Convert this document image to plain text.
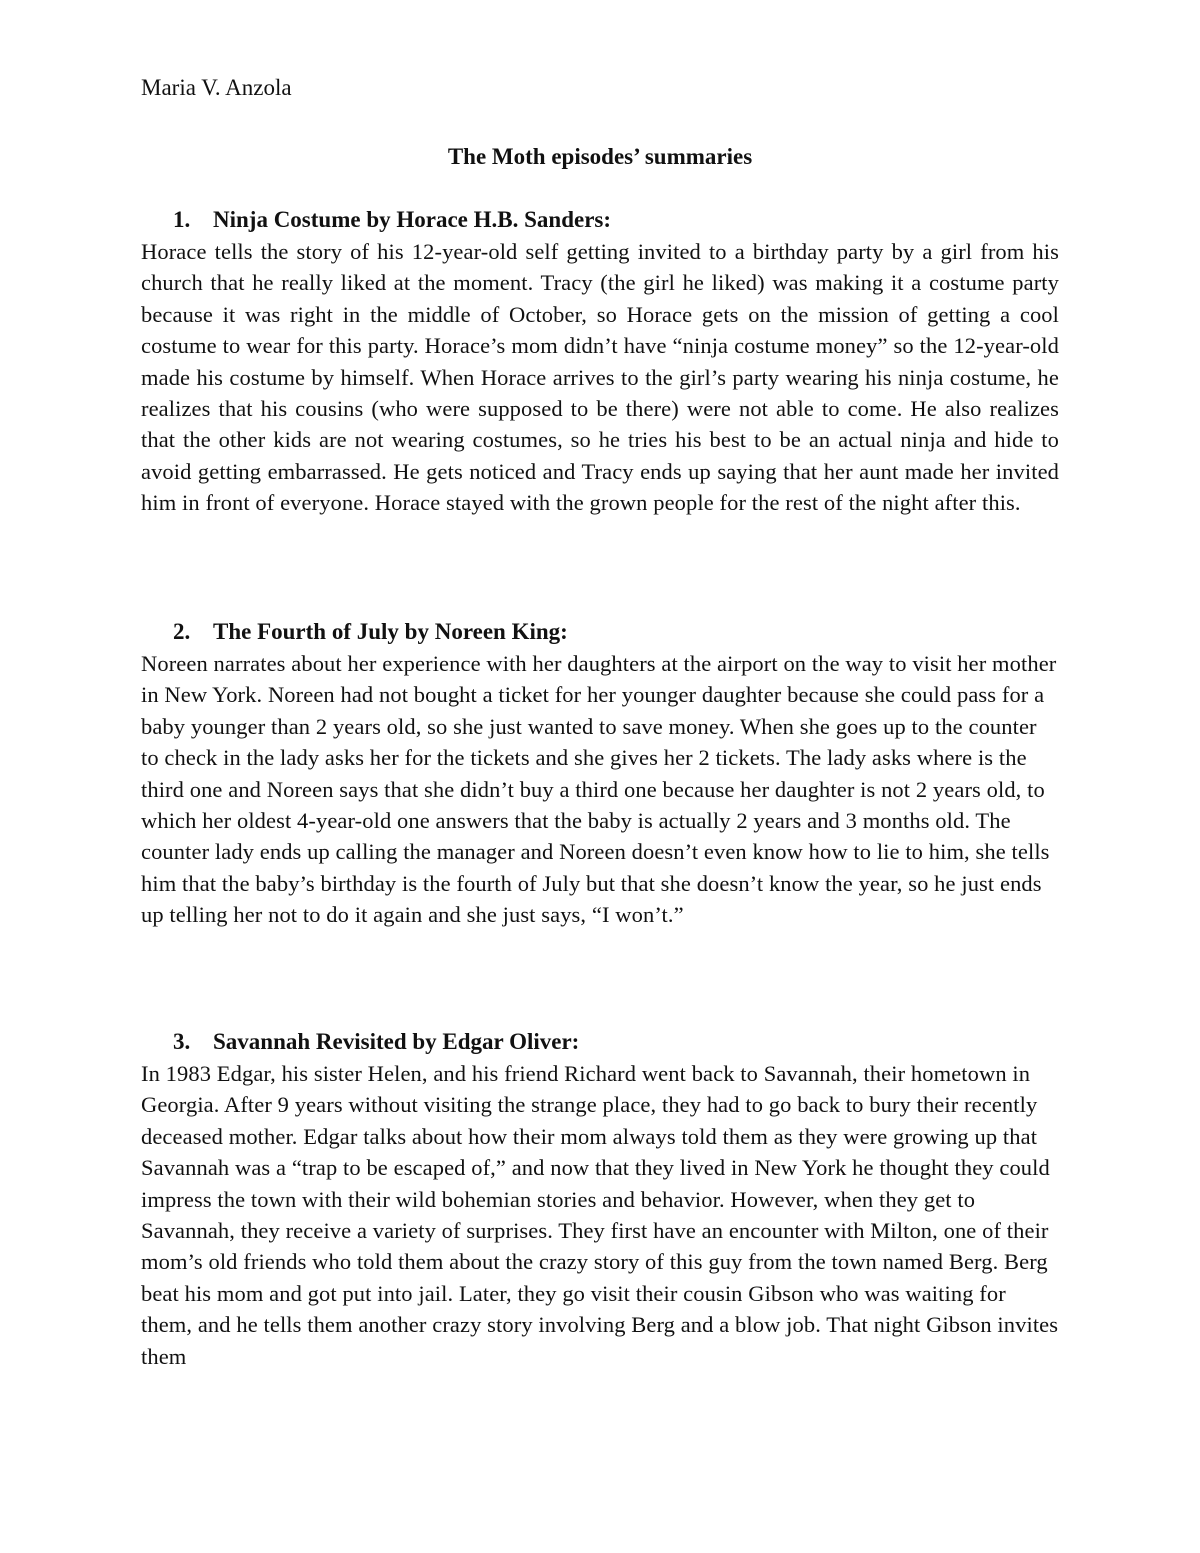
Maria V. Anzola

The Moth episodes’ summaries
1. Ninja Costume by Horace H.B. Sanders:

Horace tells the story of his 12-year-old self getting invited to a birthday party by a girl from his church that he really liked at the moment. Tracy (the girl he liked) was making it a costume party because it was right in the middle of October, so Horace gets on the mission of getting a cool costume to wear for this party. Horace’s mom didn’t have “ninja costume money” so the 12-year-old made his costume by himself. When Horace arrives to the girl’s party wearing his ninja costume, he realizes that his cousins (who were supposed to be there) were not able to come. He also realizes that the other kids are not wearing costumes, so he tries his best to be an actual ninja and hide to avoid getting embarrassed. He gets noticed and Tracy ends up saying that her aunt made her invited him in front of everyone. Horace stayed with the grown people for the rest of the night after this.

2. The Fourth of July by Noreen King:

Noreen narrates about her experience with her daughters at the airport on the way to visit her mother in New York. Noreen had not bought a ticket for her younger daughter because she could pass for a baby younger than 2 years old, so she just wanted to save money. When she goes up to the counter to check in the lady asks her for the tickets and she gives her 2 tickets. The lady asks where is the third one and Noreen says that she didn’t buy a third one because her daughter is not 2 years old, to which her oldest 4-year-old one answers that the baby is actually 2 years and 3 months old. The counter lady ends up calling the manager and Noreen doesn’t even know how to lie to him, she tells him that the baby’s birthday is the fourth of July but that she doesn’t know the year, so he just ends up telling her not to do it again and she just says, “I won’t.”

3. Savannah Revisited by Edgar Oliver:

In 1983 Edgar, his sister Helen, and his friend Richard went back to Savannah, their hometown in Georgia. After 9 years without visiting the strange place, they had to go back to bury their recently deceased mother. Edgar talks about how their mom always told them as they were growing up that Savannah was a “trap to be escaped of,” and now that they lived in New York he thought they could impress the town with their wild bohemian stories and behavior. However, when they get to Savannah, they receive a variety of surprises. They first have an encounter with Milton, one of their mom’s old friends who told them about the crazy story of this guy from the town named Berg. Berg beat his mom and got put into jail. Later, they go visit their cousin Gibson who was waiting for them, and he tells them another crazy story involving Berg and a blow job. That night Gibson invites them
